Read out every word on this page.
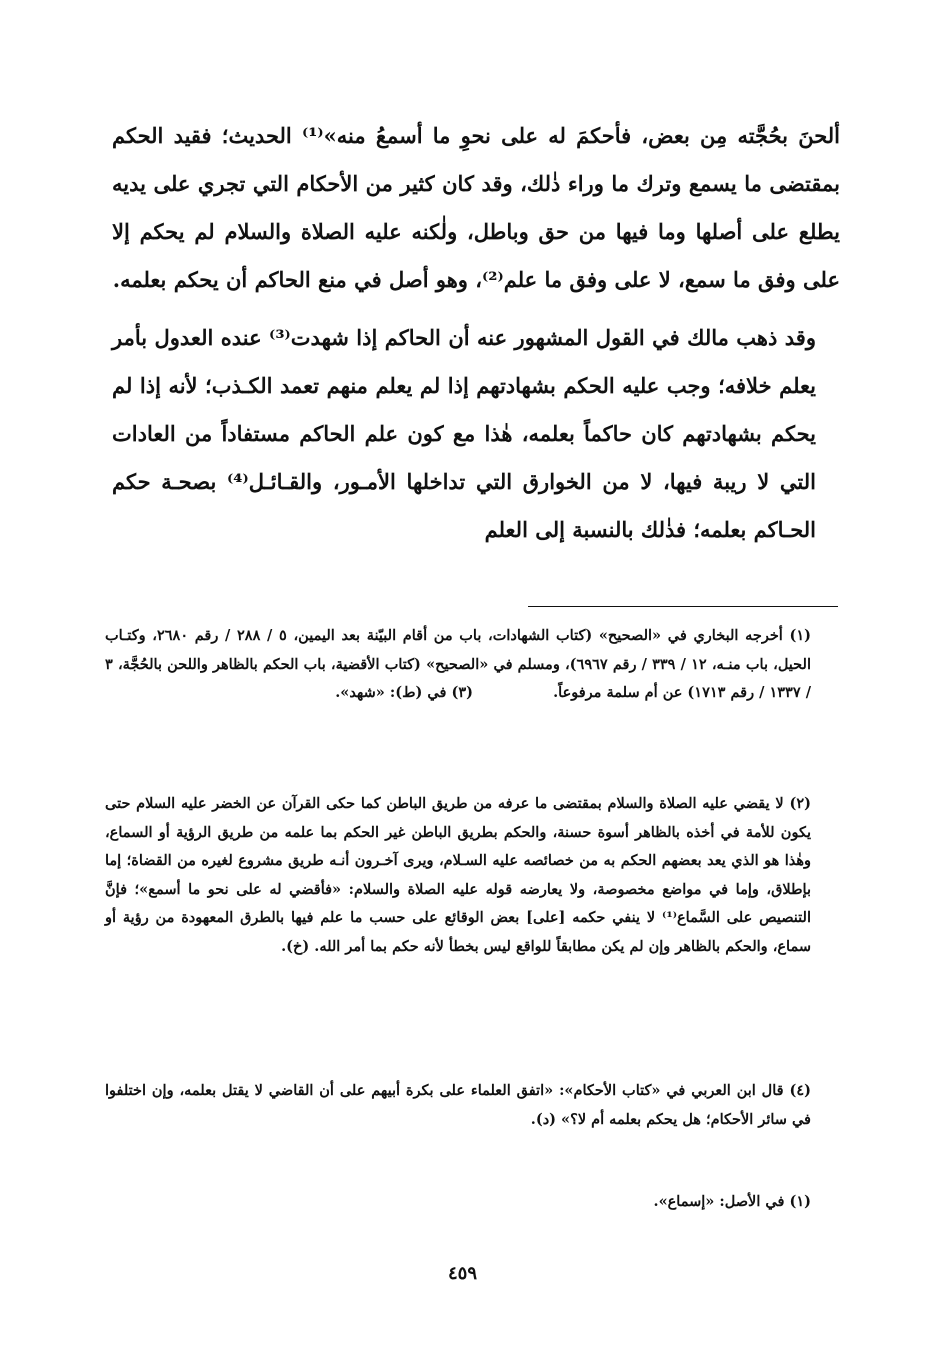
ألحنَ بحُجَّته مِن بعض، فأحكمَ له على نحوِ ما أسمعُ منه»⁽¹⁾ الحديث؛ فقيد الحكم بمقتضى ما يسمع وترك ما وراء ذٰلك، وقد كان كثير من الأحكام التي تجري على يديه يطلع على أصلها وما فيها من حق وباطل، ولٰكنه عليه الصلاة والسلام لم يحكم إلا على وفق ما سمع، لا على وفق ما علم⁽²⁾، وهو أصل في منع الحاكم أن يحكم بعلمه.

وقد ذهب مالك في القول المشهور عنه أن الحاكم إذا شهدت⁽³⁾ عنده العدول بأمر يعلم خلافه؛ وجب عليه الحكم بشهادتهم إذا لم يعلم منهم تعمد الكـذب؛ لأنه إذا لم يحكم بشهادتهم كان حاكماً بعلمه، هٰذا مع كون علم الحاكم مستفاداً من العادات التي لا ريبة فيها، لا من الخوارق التي تداخلها الأمـور، والقـائـل⁽⁴⁾ بصحـة حكم الحـاكم بعلمه؛ فذٰلك بالنسبة إلى العلم

(١) أخرجه البخاري في «الصحيح» (كتاب الشهادات، باب من أقام البيّنة بعد اليمين، ٥ / ٢٨٨ / رقم ٢٦٨٠، وكتـاب الحيل، باب منـه، ١٢ / ٣٣٩ / رقم ٦٩٦٧)، ومسلم في «الصحيح» (كتاب الأقضية، باب الحكم بالظاهر واللحن بالحُجَّة، ٣ / ١٣٣٧ / رقم ١٧١٣) عن أم سلمة مرفوعاً.  (٣) في (ط): «شهد».

(٢) لا يقضي عليه الصلاة والسلام بمقتضى ما عرفه من طريق الباطن كما حكى القرآن عن الخضر عليه السلام حتى يكون للأمة في أخذه بالظاهر أسوة حسنة، والحكم بطريق الباطن غير الحكم بما علمه من طريق الرؤية أو السماع، وهٰذا هو الذي يعد بعضهم الحكم به من خصائصه عليه السـلام، ويرى آخـرون أنـه طريق مشروع لغيره من القضاة؛ إما بإطلاق، وإما في مواضع مخصوصة، ولا يعارضه قوله عليه الصلاة والسلام: «فأقضي له على نحو ما أسمع»؛ فإنَّ التنصيص على السَّماع⁽¹⁾ لا ينفي حكمه [على] بعض الوقائع على حسب ما علم فيها بالطرق المعهودة من رؤية أو سماع، والحكم بالظاهر وإن لم يكن مطابقاً للواقع ليس بخطأ لأنه حكم بما أمر الله. (خ).

(٤) قال ابن العربي في «كتاب الأحكام»: «اتفق العلماء على بكرة أبيهم على أن القاضي لا يقتل بعلمه، وإن اختلفوا في سائر الأحكام؛ هل يحكم بعلمه أم لا؟» (د).

(١) في الأصل: «إسماع».

٤٥٩
